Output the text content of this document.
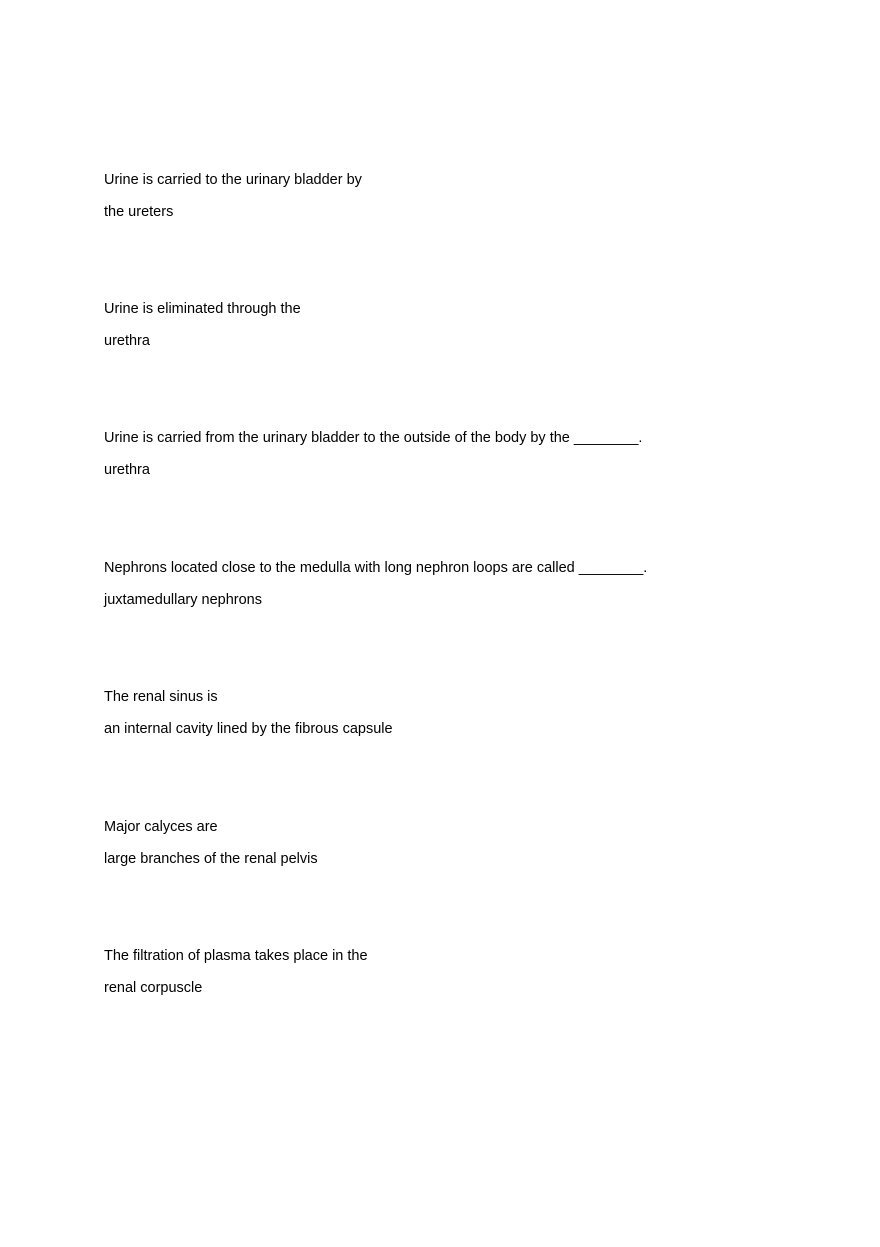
Urine is carried to the urinary bladder by
the ureters
Urine is eliminated through the
urethra
Urine is carried from the urinary bladder to the outside of the body by the ________.
urethra
Nephrons located close to the medulla with long nephron loops are called ________.
juxtamedullary nephrons
The renal sinus is
an internal cavity lined by the fibrous capsule
Major calyces are
large branches of the renal pelvis
The filtration of plasma takes place in the
renal corpuscle
